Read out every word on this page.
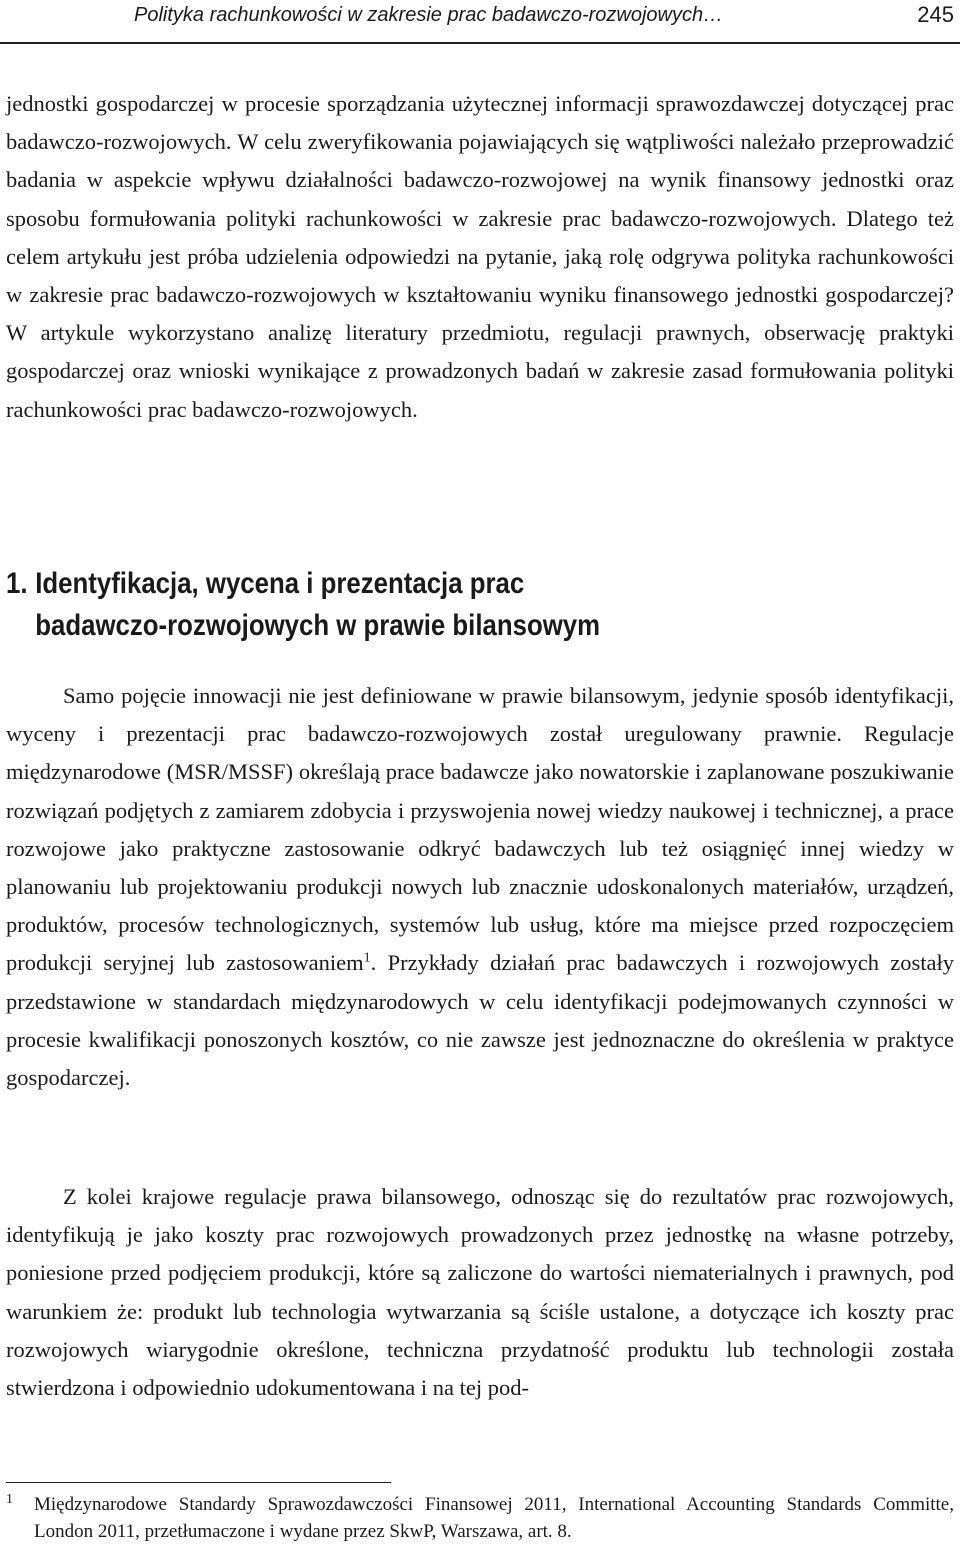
Polityka rachunkowości w zakresie prac badawczo-rozwojowych…	245

jednostki gospodarczej w procesie sporządzania użytecznej informacji sprawozdawczej dotyczącej prac badawczo-rozwojowych. W celu zweryfikowania pojawiających się wątpliwości należało przeprowadzić badania w aspekcie wpływu działalności badawczo-rozwojowej na wynik finansowy jednostki oraz sposobu formułowania polityki rachunkowości w zakresie prac badawczo-rozwojowych. Dlatego też celem artykułu jest próba udzielenia odpowiedzi na pytanie, jaką rolę odgrywa polityka rachunkowości w zakresie prac badawczo-rozwojowych w kształtowaniu wyniku finansowego jednostki gospodarczej? W artykule wykorzystano analizę literatury przedmiotu, regulacji prawnych, obserwację praktyki gospodarczej oraz wnioski wynikające z prowadzonych badań w zakresie zasad formułowania polityki rachunkowości prac badawczo-rozwojowych.

1. Identyfikacja, wycena i prezentacja prac
badawczo-rozwojowych w prawie bilansowym

Samo pojęcie innowacji nie jest definiowane w prawie bilansowym, jedynie sposób identyfikacji, wyceny i prezentacji prac badawczo-rozwojowych został uregulowany prawnie. Regulacje międzynarodowe (MSR/MSSF) określają prace badawcze jako nowatorskie i zaplanowane poszukiwanie rozwiązań podjętych z zamiarem zdobycia i przyswojenia nowej wiedzy naukowej i technicznej, a prace rozwojowe jako praktyczne zastosowanie odkryć badawczych lub też osiągnięć innej wiedzy w planowaniu lub projektowaniu produkcji nowych lub znacznie udoskonalonych materiałów, urządzeń, produktów, procesów technologicznych, systemów lub usług, które ma miejsce przed rozpoczęciem produkcji seryjnej lub zastosowaniem$^1$. Przykłady działań prac badawczych i rozwojowych zostały przedstawione w standardach międzynarodowych w celu identyfikacji podejmowanych czynności w procesie kwalifikacji ponoszonych kosztów, co nie zawsze jest jednoznaczne do określenia w praktyce gospodarczej.

Z kolei krajowe regulacje prawa bilansowego, odnosząc się do rezultatów prac rozwojowych, identyfikują je jako koszty prac rozwojowych prowadzonych przez jednostkę na własne potrzeby, poniesione przed podjęciem produkcji, które są zaliczone do wartości niematerialnych i prawnych, pod warunkiem że: produkt lub technologia wytwarzania są ściśle ustalone, a dotyczące ich koszty prac rozwojowych wiarygodnie określone, techniczna przydatność produktu lub technologii została stwierdzona i odpowiednio udokumentowana i na tej pod-

1	Międzynarodowe Standardy Sprawozdawczości Finansowej 2011, International Accounting Standards Committe, London 2011, przetłumaczone i wydane przez SkwP, Warszawa, art. 8.
